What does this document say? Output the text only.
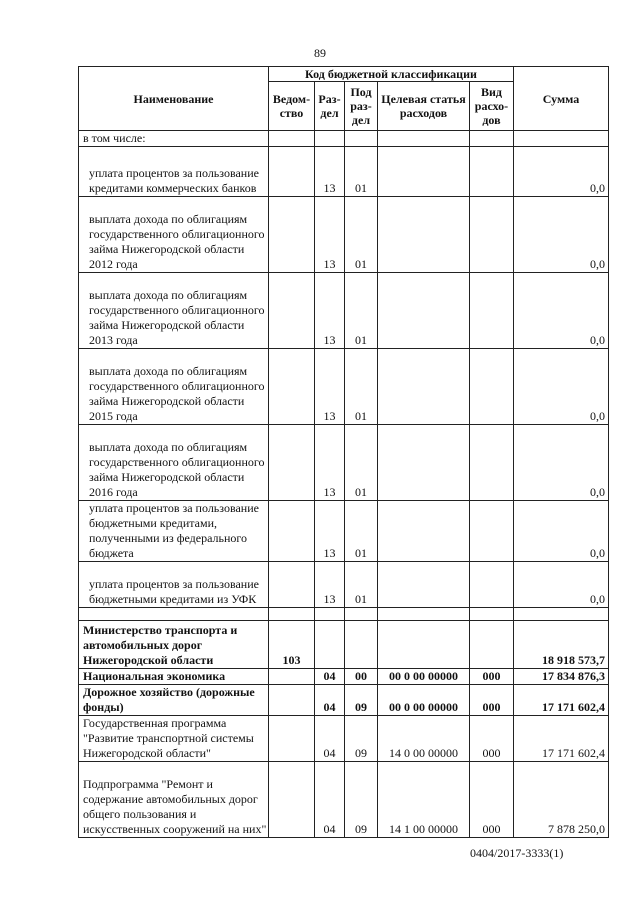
89
Наименование	Код бюджетной классификации					Сумма
	Ведом-ство	Раз-дел	Под раз-дел	Целевая статья расходов	Вид расхо-дов	
в том числе:						
уплата процентов за пользование кредитами коммерческих банков		13	01			0,0
выплата дохода по облигациям государственного облигационного займа Нижегородской области 2012 года		13	01			0,0
выплата дохода по облигациям государственного облигационного займа Нижегородской области 2013 года		13	01			0,0
выплата дохода по облигациям государственного облигационного займа Нижегородской области 2015 года		13	01			0,0
выплата дохода по облигациям государственного облигационного займа Нижегородской области 2016 года		13	01			0,0
уплата процентов за пользование бюджетными кредитами, полученными из федерального бюджета		13	01			0,0
уплата процентов за пользование бюджетными кредитами из УФК		13	01			0,0

Министерство транспорта и автомобильных дорог Нижегородской области	103					18 918 573,7
Национальная экономика		04	00	00 0 00 00000	000	17 834 876,3
Дорожное хозяйство (дорожные фонды)		04	09	00 0 00 00000	000	17 171 602,4
Государственная программа "Развитие транспортной системы Нижегородской области"		04	09	14 0 00 00000	000	17 171 602,4
Подпрограмма "Ремонт и содержание автомобильных дорог общего пользования и искусственных сооружений на них"		04	09	14 1 00 00000	000	7 878 250,0
0404/2017-3333(1)
